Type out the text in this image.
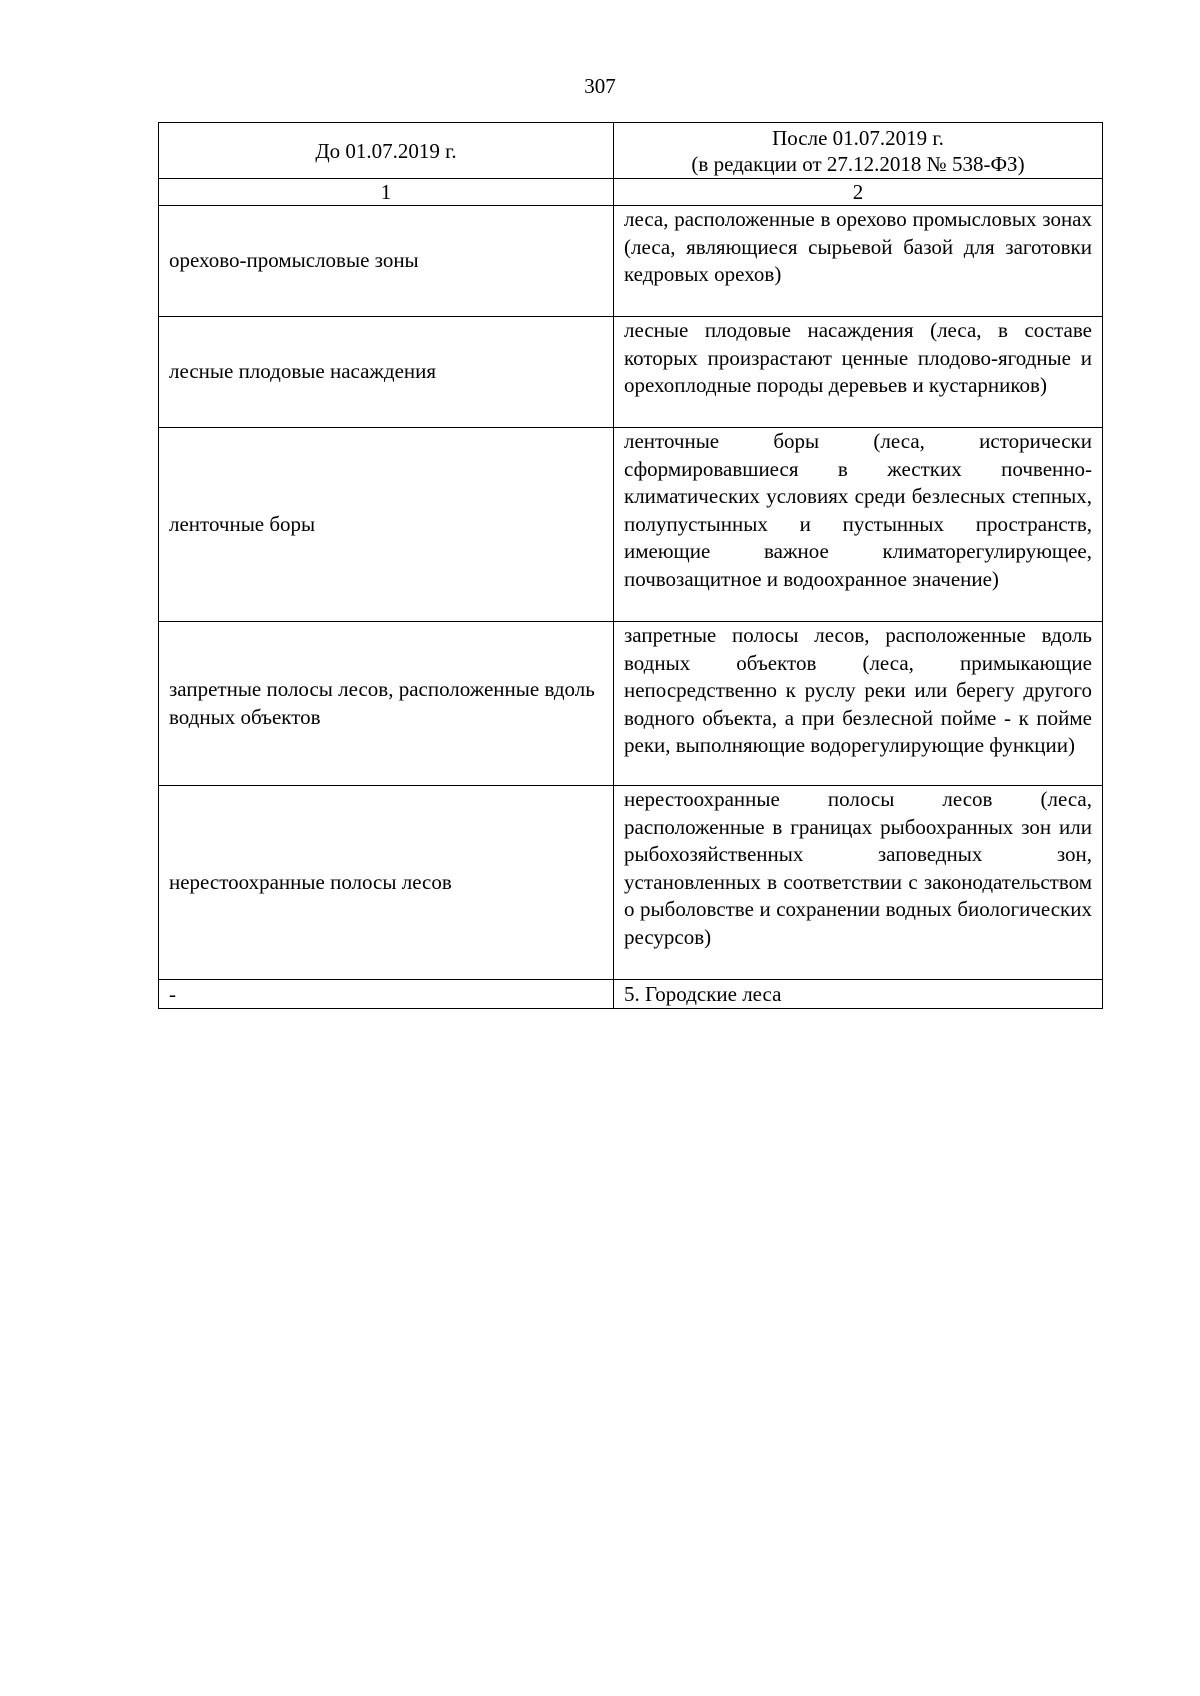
307
До 01.07.2019 г.	После 01.07.2019 г.
(в редакции от 27.12.2018 № 538-ФЗ)

1	2
орехово-промысловые зоны	леса, расположенные в орехово промысловых зонах (леса, являющиеся сырьевой базой для заготовки кедровых орехов)

лесные плодовые насаждения	лесные плодовые насаждения (леса, в составе которых произрастают ценные плодово-ягодные и орехоплодные породы деревьев и кустарников)

ленточные боры	ленточные боры (леса, исторически сформировавшиеся в жестких почвенно-климатических условиях среди безлесных степных, полупустынных и пустынных пространств, имеющие важное климаторегулирующее, почвозащитное и водоохранное значение)

запретные полосы лесов, расположенные вдоль водных объектов	запретные полосы лесов, расположенные вдоль водных объектов (леса, примыкающие непосредственно к руслу реки или берегу другого водного объекта, а при безлесной пойме - к пойме реки, выполняющие водорегулирующие функции)

нерестоохранные полосы лесов	нерестоохранные полосы лесов (леса, расположенные в границах рыбоохранных зон или рыбохозяйственных заповедных зон, установленных в соответствии с законодательством о рыболовстве и сохранении водных биологических ресурсов)

-	5. Городские леса
